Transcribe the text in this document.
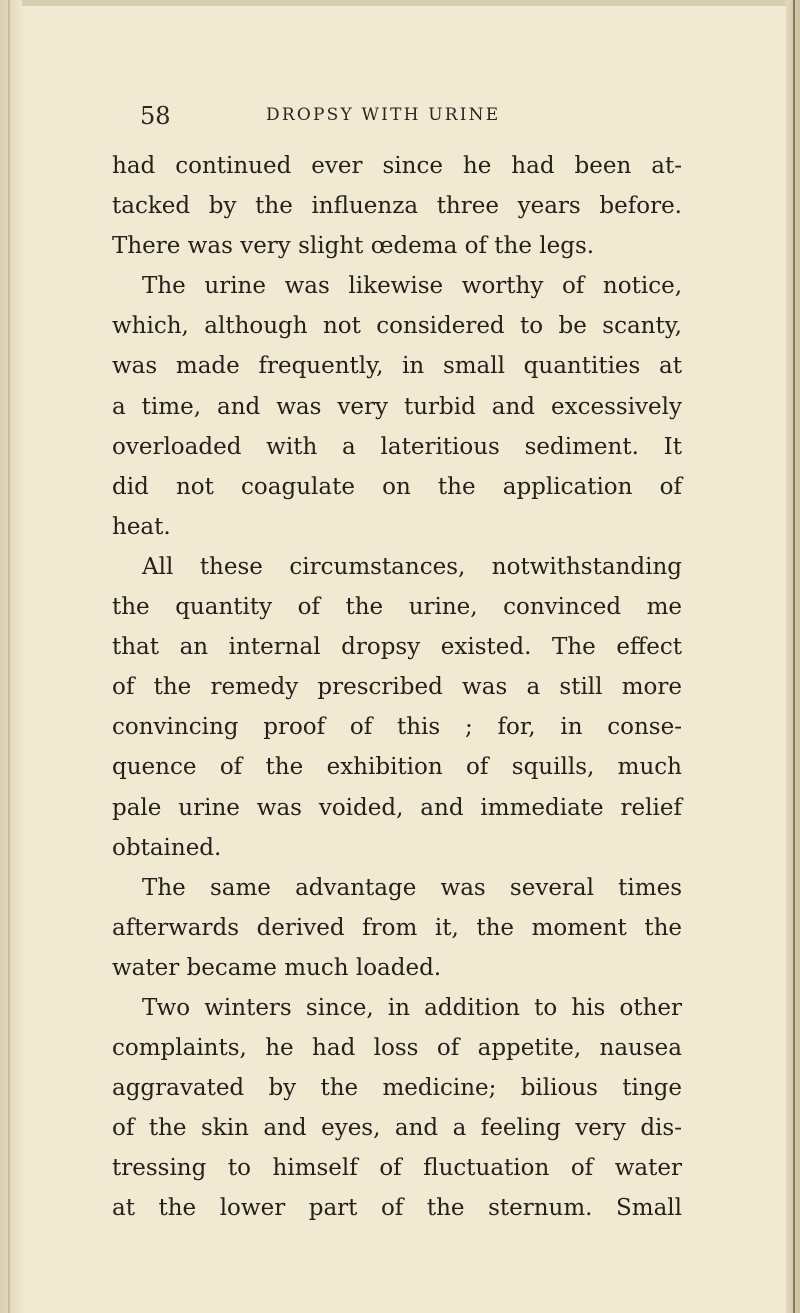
58	DROPSY WITH URINE
had continued ever since he had been at-
tacked by the influenza three years before.
There was very slight œdema of the legs.
The urine was likewise worthy of notice,
which, although not considered to be scanty,
was made frequently, in small quantities at
a time, and was very turbid and excessively
overloaded with a lateritious sediment. It
did not coagulate on the application of
heat.
All these circumstances, notwithstanding
the quantity of the urine, convinced me
that an internal dropsy existed. The effect
of the remedy prescribed was a still more
convincing proof of this ; for, in conse-
quence of the exhibition of squills, much
pale urine was voided, and immediate relief
obtained.
The same advantage was several times
afterwards derived from it, the moment the
water became much loaded.
Two winters since, in addition to his other
complaints, he had loss of appetite, nausea
aggravated by the medicine; bilious tinge
of the skin and eyes, and a feeling very dis-
tressing to himself of fluctuation of water
at the lower part of the sternum. Small
